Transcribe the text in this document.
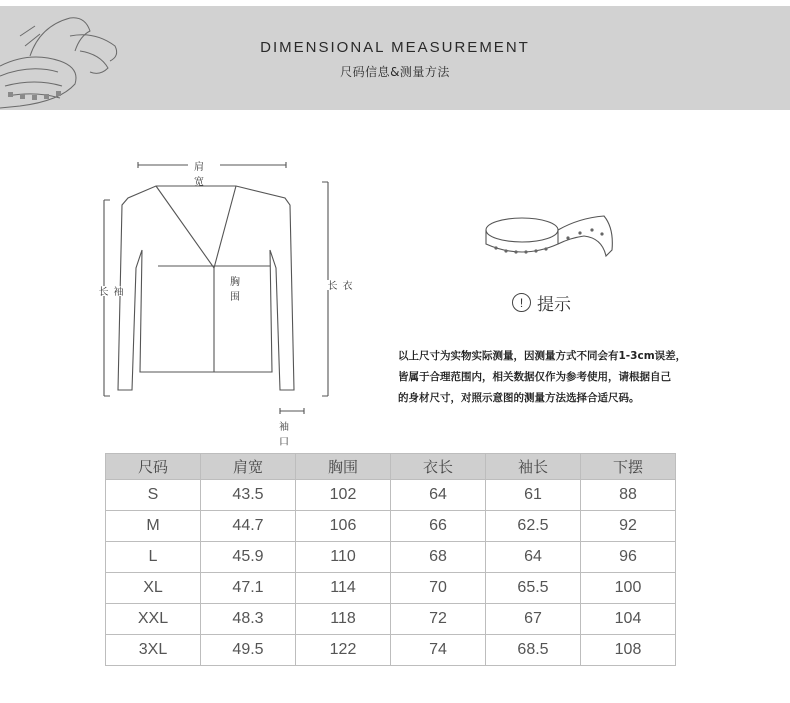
DIMENSIONAL MEASUREMENT
尺码信息&测量方法
肩宽
胸围
袖长
衣长
袖口
! 提示
以上尺寸为实物实际测量，因测量方式不同会有1-3cm误差，
皆属于合理范围内，相关数据仅作为参考使用，请根据自己
的身材尺寸，对照示意图的测量方法选择合适尺码。
尺码	肩宽	胸围	衣长	袖长	下摆
S	43.5	102	64	61	88
M	44.7	106	66	62.5	92
L	45.9	110	68	64	96
XL	47.1	114	70	65.5	100
XXL	48.3	118	72	67	104
3XL	49.5	122	74	68.5	108
